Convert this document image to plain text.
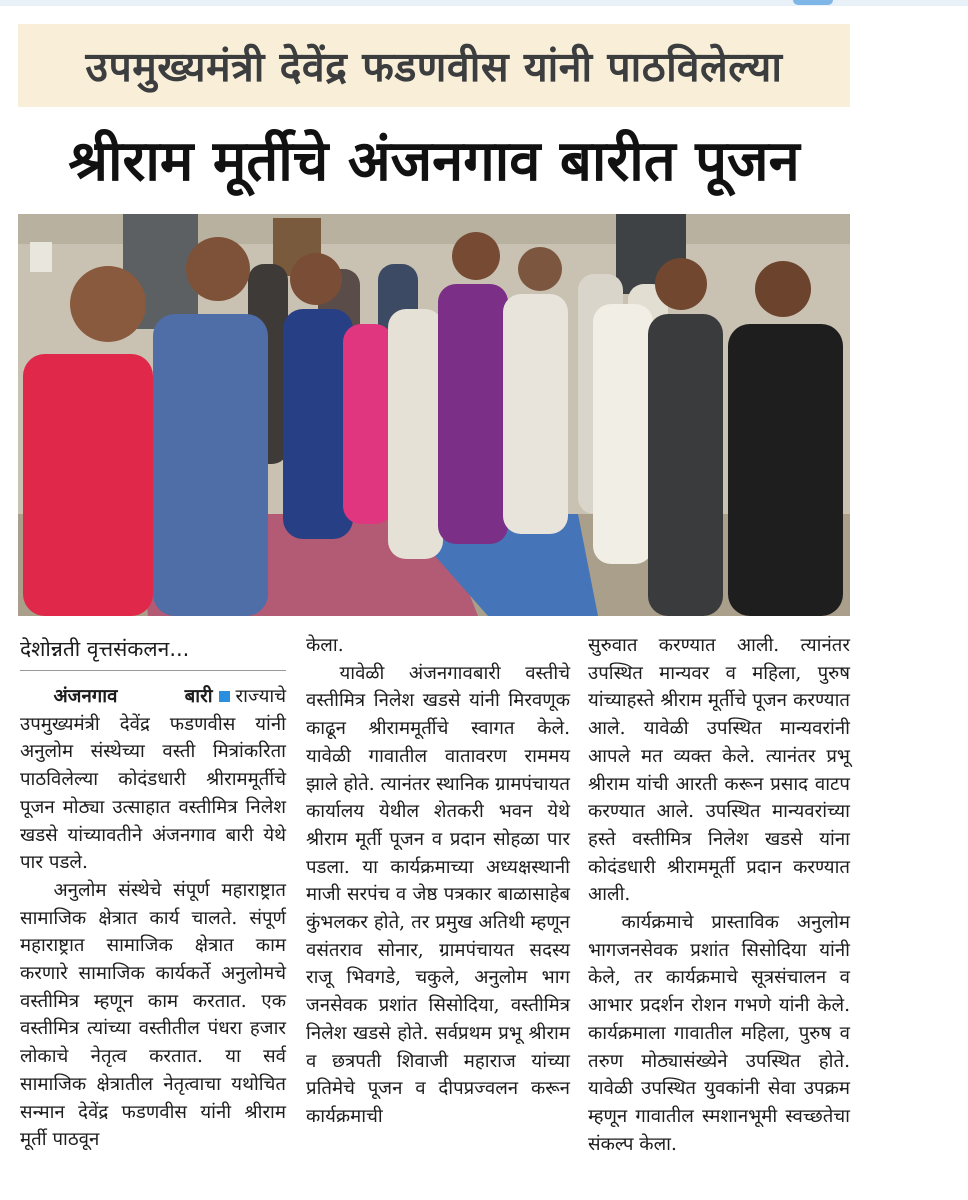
उपमुख्यमंत्री देवेंद्र फडणवीस यांनी पाठविलेल्या
श्रीराम मूर्तीचे अंजनगाव बारीत पूजन
देशोन्नती वृत्तसंकलन...

अंजनगाव बारी राज्याचे उपमुख्यमंत्री देवेंद्र फडणवीस यांनी अनुलोम संस्थेच्या वस्ती मित्रांकरिता पाठविलेल्या कोदंडधारी श्रीराममूर्तीचे पूजन मोठ्या उत्साहात वस्तीमित्र निलेश खडसे यांच्यावतीने अंजनगाव बारी येथे पार पडले.

अनुलोम संस्थेचे संपूर्ण महाराष्ट्रात सामाजिक क्षेत्रात कार्य चालते. संपूर्ण महाराष्ट्रात सामाजिक क्षेत्रात काम करणारे सामाजिक कार्यकर्ते अनुलोमचे वस्तीमित्र म्हणून काम करतात. एक वस्तीमित्र त्यांच्या वस्तीतील पंधरा हजार लोकाचे नेतृत्व करतात. या सर्व सामाजिक क्षेत्रातील नेतृत्वाचा यथोचित सन्मान देवेंद्र फडणवीस यांनी श्रीराम मूर्ती पाठवून

केला.

यावेळी अंजनगावबारी वस्तीचे वस्तीमित्र निलेश खडसे यांनी मिरवणूक काढून श्रीराममूर्तीचे स्वागत केले. यावेळी गावातील वातावरण राममय झाले होते. त्यानंतर स्थानिक ग्रामपंचायत कार्यालय येथील शेतकरी भवन येथे श्रीराम मूर्ती पूजन व प्रदान सोहळा पार पडला. या कार्यक्रमाच्या अध्यक्षस्थानी माजी सरपंच व जेष्ठ पत्रकार बाळासाहेब कुंभलकर होते, तर प्रमुख अतिथी म्हणून वसंतराव सोनार, ग्रामपंचायत सदस्य राजू भिवगडे, चकुले, अनुलोम भाग जनसेवक प्रशांत सिसोदिया, वस्तीमित्र निलेश खडसे होते. सर्वप्रथम प्रभू श्रीराम व छत्रपती शिवाजी महाराज यांच्या प्रतिमेचे पूजन व दीपप्रज्वलन करून कार्यक्रमाची

सुरुवात करण्यात आली. त्यानंतर उपस्थित मान्यवर व महिला, पुरुष यांच्याहस्ते श्रीराम मूर्तीचे पूजन करण्यात आले. यावेळी उपस्थित मान्यवरांनी आपले मत व्यक्त केले. त्यानंतर प्रभू श्रीराम यांची आरती करून प्रसाद वाटप करण्यात आले. उपस्थित मान्यवरांच्या हस्ते वस्तीमित्र निलेश खडसे यांना कोदंडधारी श्रीराममूर्ती प्रदान करण्यात आली.

कार्यक्रमाचे प्रास्ताविक अनुलोम भागजनसेवक प्रशांत सिसोदिया यांनी केले, तर कार्यक्रमाचे सूत्रसंचालन व आभार प्रदर्शन रोशन गभणे यांनी केले. कार्यक्रमाला गावातील महिला, पुरुष व तरुण मोठ्यासंख्येने उपस्थित होते. यावेळी उपस्थित युवकांनी सेवा उपक्रम म्हणून गावातील स्मशानभूमी स्वच्छतेचा संकल्प केला.
